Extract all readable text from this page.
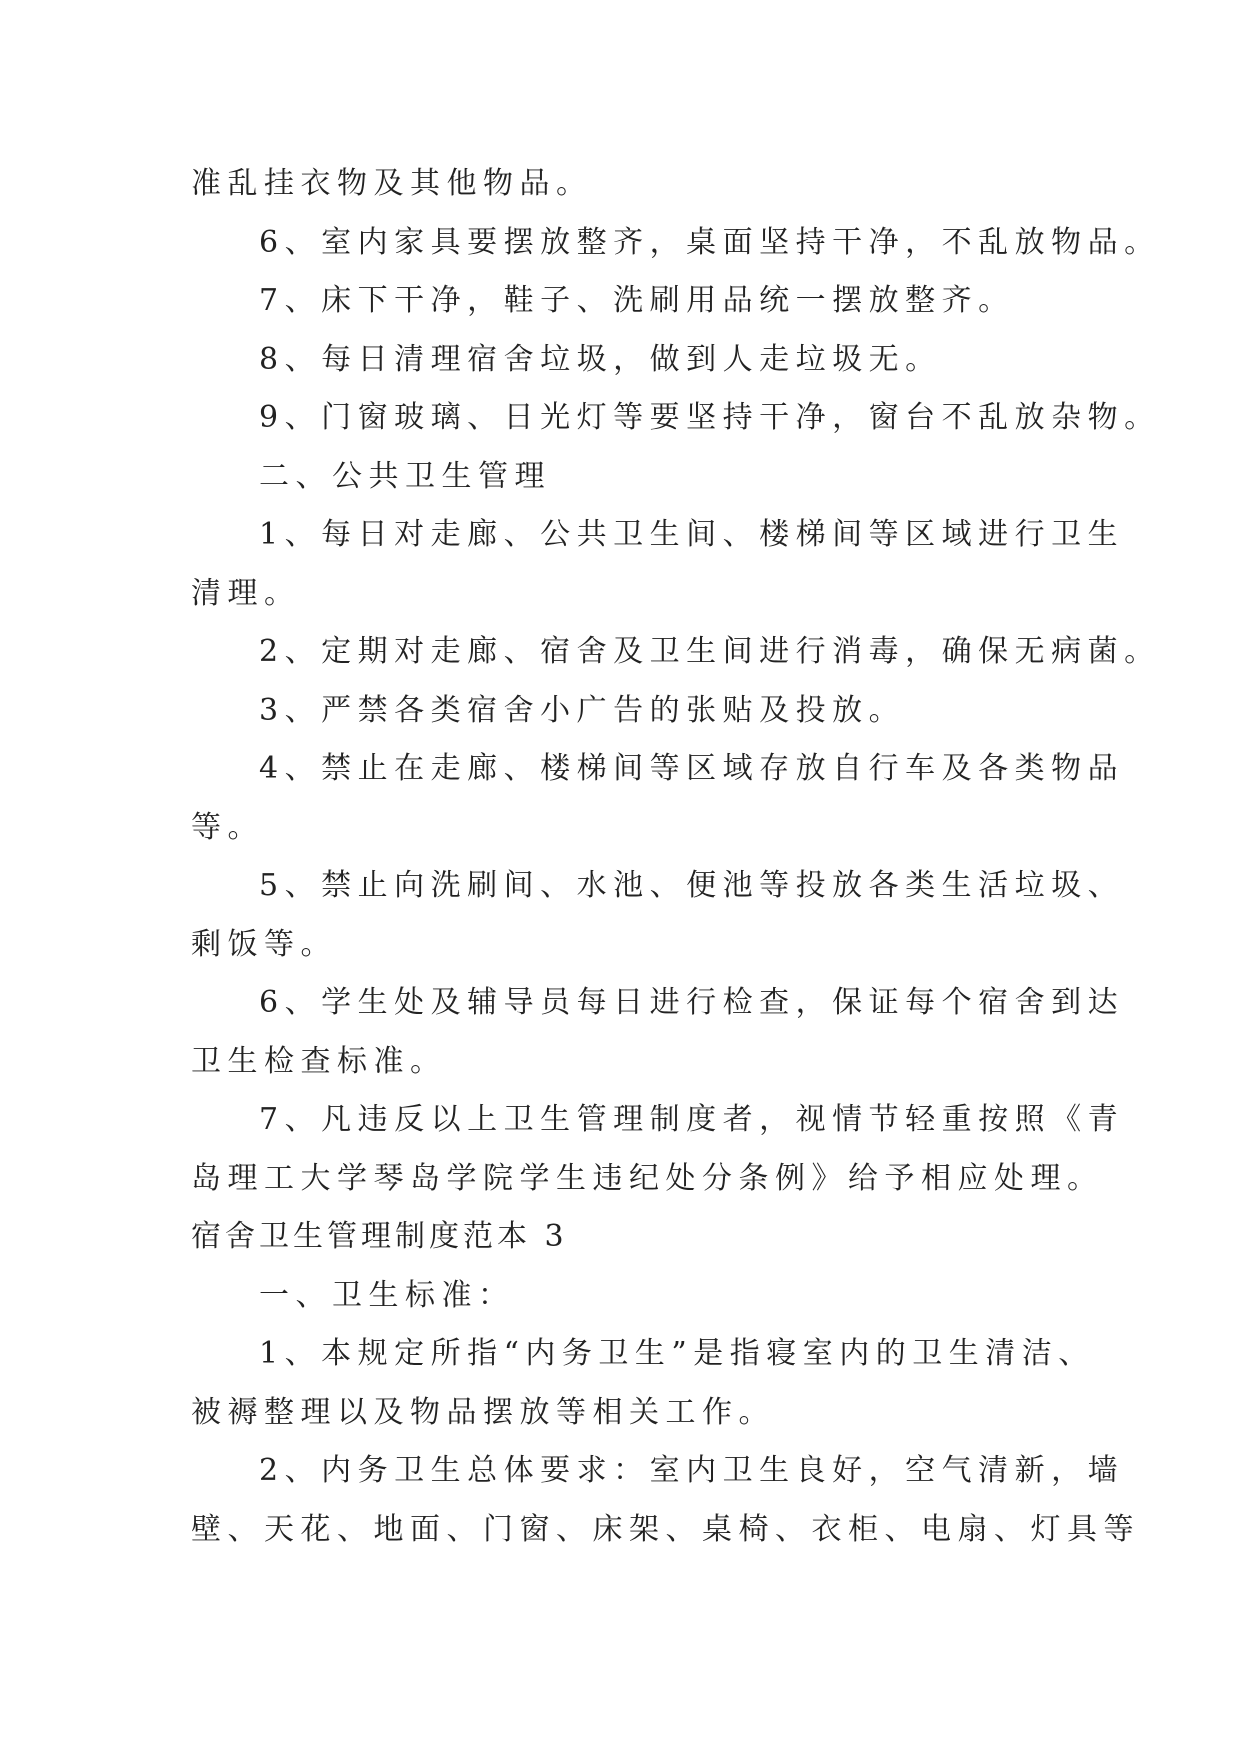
准乱挂衣物及其他物品。

6、室内家具要摆放整齐，桌面坚持干净，不乱放物品。

7、床下干净，鞋子、洗刷用品统一摆放整齐。

8、每日清理宿舍垃圾，做到人走垃圾无。

9、门窗玻璃、日光灯等要坚持干净，窗台不乱放杂物。

二、公共卫生管理

1、每日对走廊、公共卫生间、楼梯间等区域进行卫生

清理。

2、定期对走廊、宿舍及卫生间进行消毒，确保无病菌。

3、严禁各类宿舍小广告的张贴及投放。

4、禁止在走廊、楼梯间等区域存放自行车及各类物品

等。

5、禁止向洗刷间、水池、便池等投放各类生活垃圾、

剩饭等。

6、学生处及辅导员每日进行检查，保证每个宿舍到达

卫生检查标准。

7、凡违反以上卫生管理制度者，视情节轻重按照《青

岛理工大学琴岛学院学生违纪处分条例》给予相应处理。

宿舍卫生管理制度范本 3

一、卫生标准：

1、本规定所指“内务卫生”是指寝室内的卫生清洁、

被褥整理以及物品摆放等相关工作。

2、内务卫生总体要求：室内卫生良好，空气清新，墙

壁、天花、地面、门窗、床架、桌椅、衣柜、电扇、灯具等
